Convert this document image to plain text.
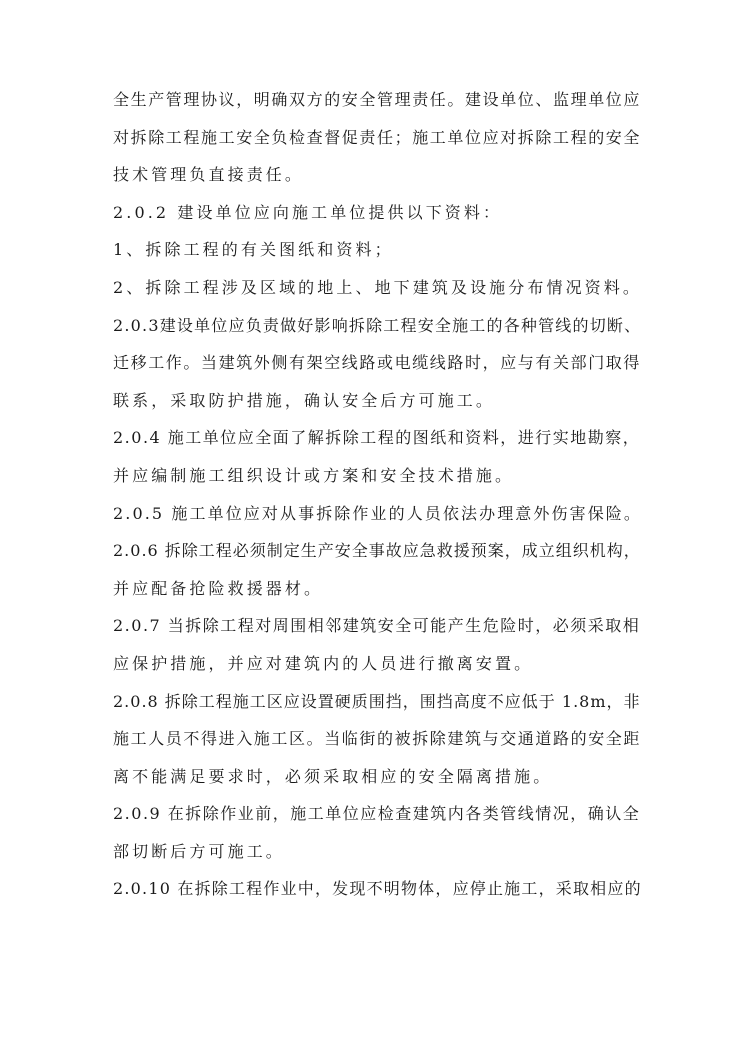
全生产管理协议，明确双方的安全管理责任。建设单位、监理单位应
对拆除工程施工安全负检查督促责任；施工单位应对拆除工程的安全
技术管理负直接责任。
2.0.2 建设单位应向施工单位提供以下资料：
1、拆除工程的有关图纸和资料；
2、拆除工程涉及区域的地上、地下建筑及设施分布情况资料。
2.0.3建设单位应负责做好影响拆除工程安全施工的各种管线的切断、
迁移工作。当建筑外侧有架空线路或电缆线路时，应与有关部门取得
联系，采取防护措施，确认安全后方可施工。
2.0.4 施工单位应全面了解拆除工程的图纸和资料，进行实地勘察，
并应编制施工组织设计或方案和安全技术措施。
2.0.5 施工单位应对从事拆除作业的人员依法办理意外伤害保险。
2.0.6 拆除工程必须制定生产安全事故应急救援预案，成立组织机构，
并应配备抢险救援器材。
2.0.7 当拆除工程对周围相邻建筑安全可能产生危险时，必须采取相
应保护措施，并应对建筑内的人员进行撤离安置。
2.0.8 拆除工程施工区应设置硬质围挡，围挡高度不应低于 1.8m，非
施工人员不得进入施工区。当临街的被拆除建筑与交通道路的安全距
离不能满足要求时，必须采取相应的安全隔离措施。
2.0.9 在拆除作业前，施工单位应检查建筑内各类管线情况，确认全
部切断后方可施工。
2.0.10 在拆除工程作业中，发现不明物体，应停止施工，采取相应的
